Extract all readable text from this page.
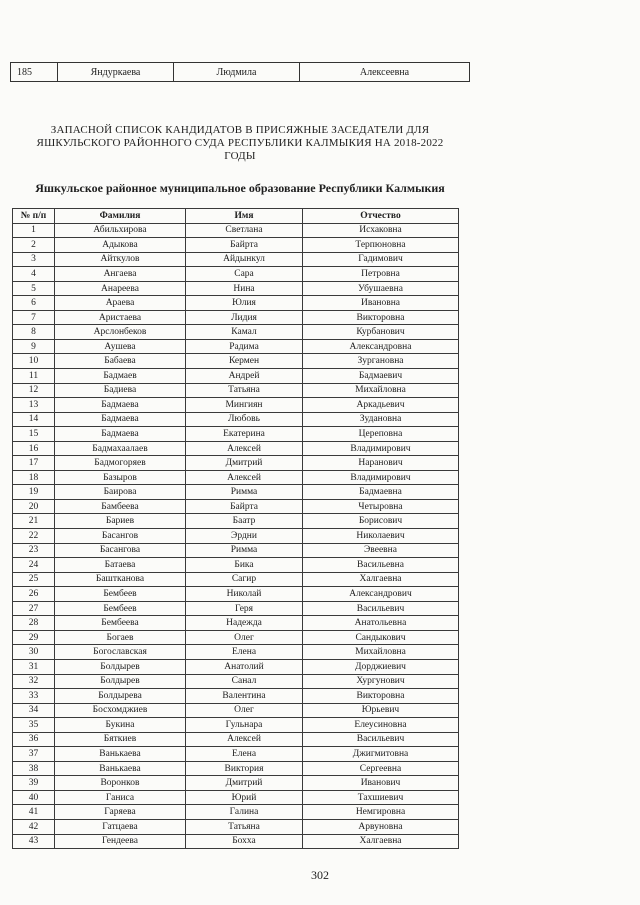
185	Яндуркаева	Людмила	Алексеевна
ЗАПАСНОЙ СПИСОК КАНДИДАТОВ В ПРИСЯЖНЫЕ ЗАСЕДАТЕЛИ ДЛЯ ЯШКУЛЬСКОГО РАЙОННОГО СУДА РЕСПУБЛИКИ КАЛМЫКИЯ НА 2018-2022 ГОДЫ
Яшкульское районное муниципальное образование Республики Калмыкия
№ п/п	Фамилия	Имя	Отчество
1	Абильхирова	Светлана	Исхаковна
2	Адыкова	Байрта	Терпюновна
3	Айткулов	Айдынкул	Гадимович
4	Ангаева	Сара	Петровна
5	Анареева	Нина	Убушаевна
6	Араева	Юлия	Ивановна
7	Аристаева	Лидия	Викторовна
8	Арслонбеков	Камал	Курбанович
9	Аушева	Радима	Александровна
10	Бабаева	Кермен	Зургановна
11	Бадмаев	Андрей	Бадмаевич
12	Бадиева	Татьяна	Михайловна
13	Бадмаева	Мингиян	Аркадьевич
14	Бадмаева	Любовь	Зудановна
15	Бадмаева	Екатерина	Цереповна
16	Бадмахаалаев	Алексей	Владимирович
17	Бадмогоряев	Дмитрий	Наранович
18	Базыров	Алексей	Владимирович
19	Баирова	Римма	Бадмаевна
20	Бамбеева	Байрта	Четыровна
21	Бариев	Баатр	Борисович
22	Басангов	Эрдни	Николаевич
23	Басангова	Римма	Эвеевна
24	Батаева	Бика	Васильевна
25	Баштканова	Сагир	Халгаевна
26	Бембеев	Николай	Александрович
27	Бембеев	Геря	Васильевич
28	Бембеева	Надежда	Анатольевна
29	Богаев	Олег	Сандыкович
30	Богославская	Елена	Михайловна
31	Болдырев	Анатолий	Дорджиевич
32	Болдырев	Санал	Хургунович
33	Болдырева	Валентина	Викторовна
34	Босхомджиев	Олег	Юрьевич
35	Букина	Гульнара	Елеусиновна
36	Бяткиев	Алексей	Васильевич
37	Ванькаева	Елена	Джигмитовна
38	Ванькаева	Виктория	Сергеевна
39	Воронков	Дмитрий	Иванович
40	Ганиса	Юрий	Тахшиевич
41	Гаряева	Галина	Немгировна
42	Гатцаева	Татьяна	Арвуновна
43	Гендеева	Бохха	Халгаевна
302
